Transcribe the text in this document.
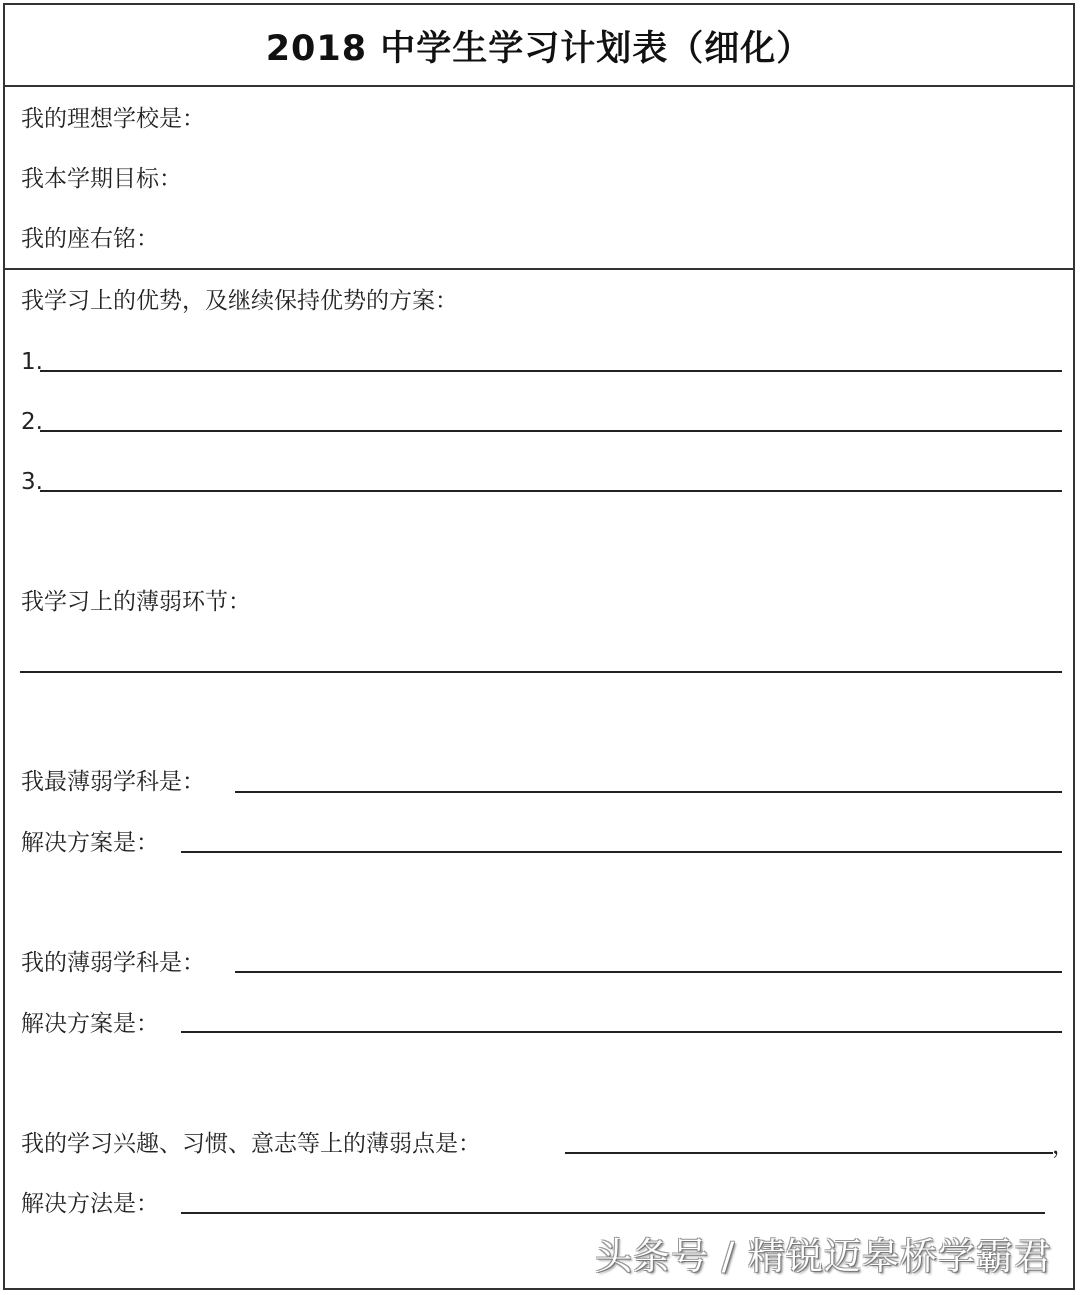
2018 中学生学习计划表（细化）
我的理想学校是：
我本学期目标：
我的座右铭：
我学习上的优势，及继续保持优势的方案：
1.
2.
3.
我学习上的薄弱环节：
我最薄弱学科是：
解决方案是：
我的薄弱学科是：
解决方案是：
我的学习兴趣、习惯、意志等上的薄弱点是：	，
解决方法是：
头条号 / 精锐迈皋桥学霸君
